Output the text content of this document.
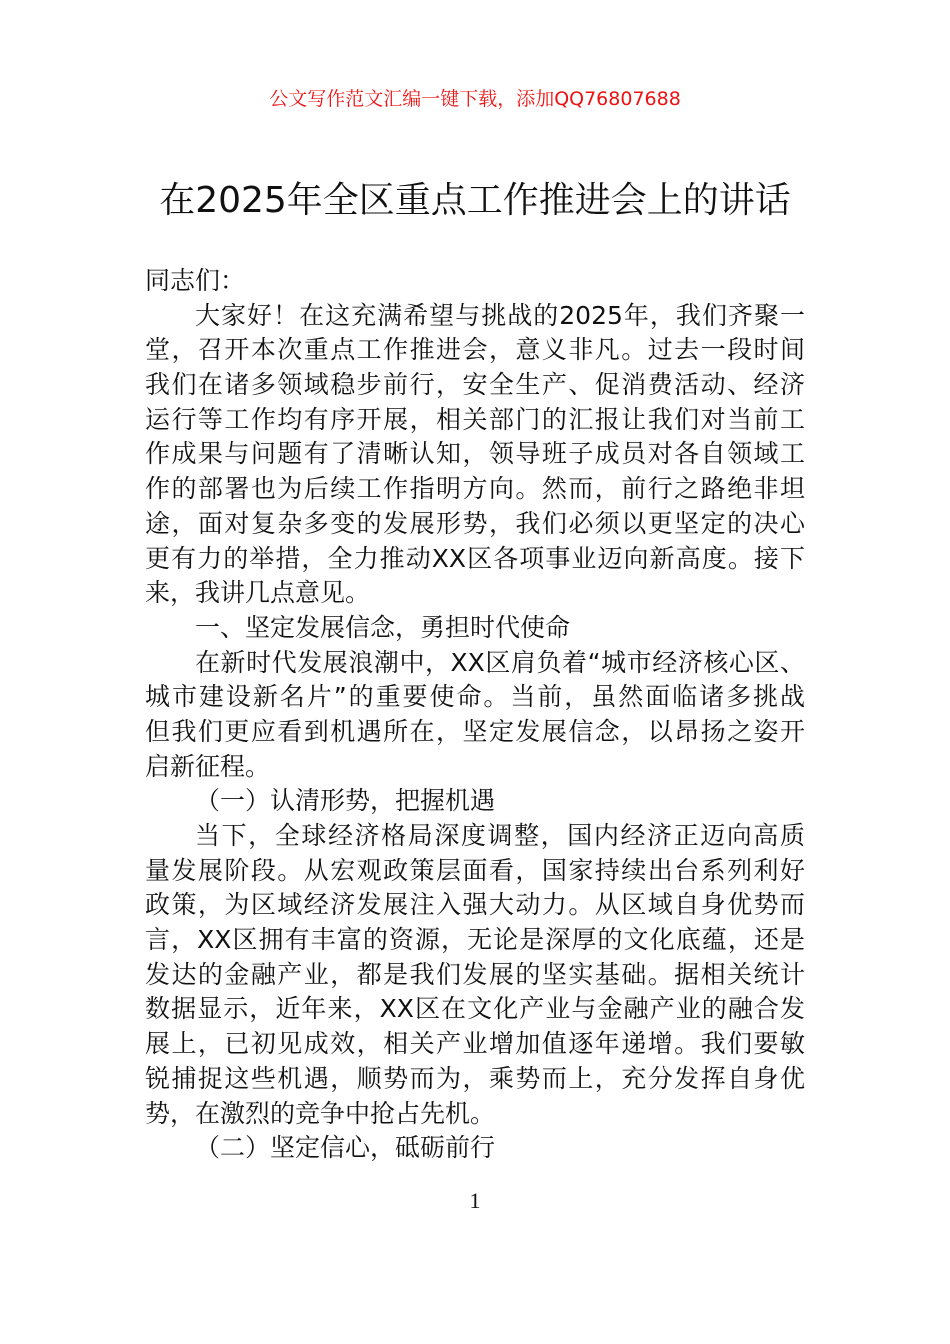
公文写作范文汇编一键下载，添加QQ76807688
在2025年全区重点工作推进会上的讲话
同志们：
大家好！在这充满希望与挑战的2025年，我们齐聚一
堂，召开本次重点工作推进会，意义非凡。过去一段时间
我们在诸多领域稳步前行，安全生产、促消费活动、经济
运行等工作均有序开展，相关部门的汇报让我们对当前工
作成果与问题有了清晰认知，领导班子成员对各自领域工
作的部署也为后续工作指明方向。然而，前行之路绝非坦
途，面对复杂多变的发展形势，我们必须以更坚定的决心
更有力的举措，全力推动XX区各项事业迈向新高度。接下
来，我讲几点意见。
一、坚定发展信念，勇担时代使命
在新时代发展浪潮中，XX区肩负着“城市经济核心区、
城市建设新名片”的重要使命。当前，虽然面临诸多挑战
但我们更应看到机遇所在，坚定发展信念，以昂扬之姿开
启新征程。
（一）认清形势，把握机遇
当下，全球经济格局深度调整，国内经济正迈向高质
量发展阶段。从宏观政策层面看，国家持续出台系列利好
政策，为区域经济发展注入强大动力。从区域自身优势而
言，XX区拥有丰富的资源，无论是深厚的文化底蕴，还是
发达的金融产业，都是我们发展的坚实基础。据相关统计
数据显示，近年来，XX区在文化产业与金融产业的融合发
展上，已初见成效，相关产业增加值逐年递增。我们要敏
锐捕捉这些机遇，顺势而为，乘势而上，充分发挥自身优
势，在激烈的竞争中抢占先机。
（二）坚定信心，砥砺前行
1
